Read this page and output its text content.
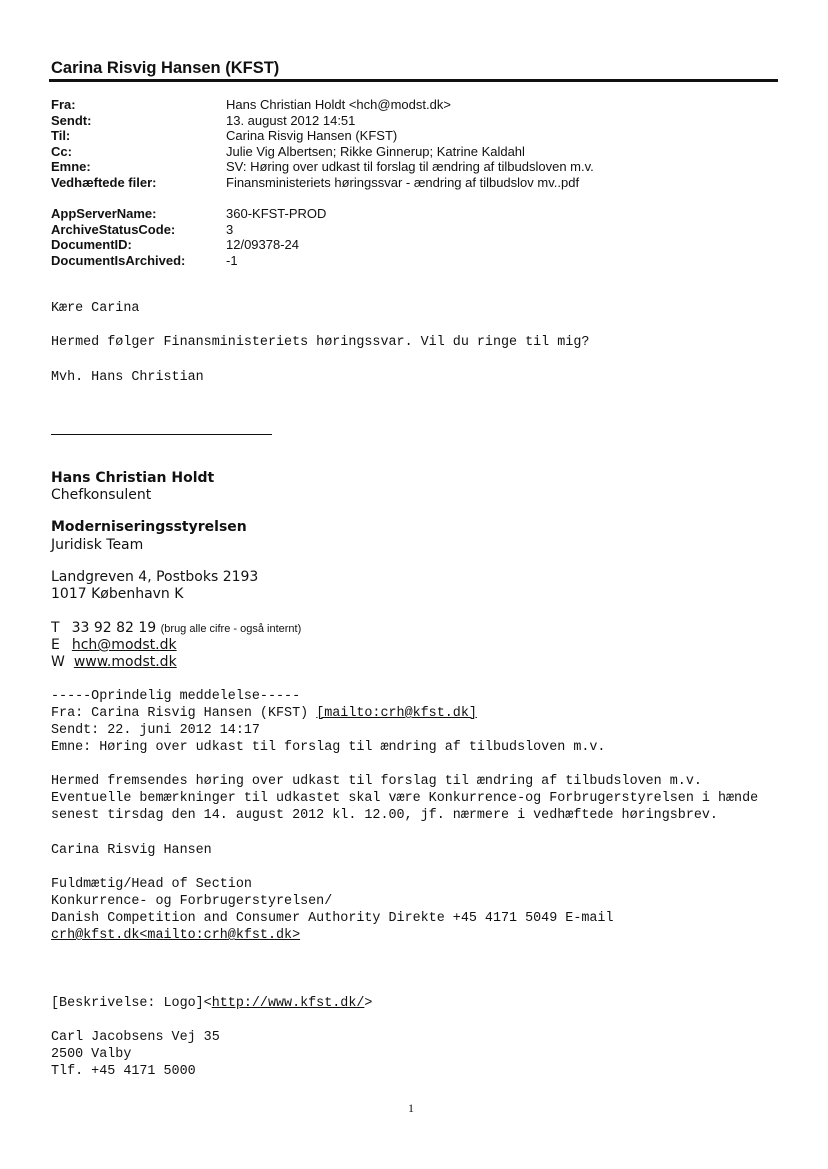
Carina Risvig Hansen (KFST)
Fra:	Hans Christian Holdt <hch@modst.dk>
Sendt:	13. august 2012 14:51
Til:	Carina Risvig Hansen (KFST)
Cc:	Julie Vig Albertsen; Rikke Ginnerup; Katrine Kaldahl
Emne:	SV: Høring over udkast til forslag til ændring af tilbudsloven m.v.
Vedhæftede filer:	Finansministeriets høringssvar - ændring af tilbudslov mv..pdf
AppServerName:	360-KFST-PROD
ArchiveStatusCode:	3
DocumentID:	12/09378-24
DocumentIsArchived:	-1
Kære Carina
Hermed følger Finansministeriets høringssvar. Vil du ringe til mig?
Mvh. Hans Christian
Hans Christian Holdt
Chefkonsulent
Moderniseringsstyrelsen
Juridisk Team
Landgreven 4, Postboks 2193
1017 København K
T 33 92 82 19 (brug alle cifre - også internt)
E hch@modst.dk
W www.modst.dk
-----Oprindelig meddelelse-----
Fra: Carina Risvig Hansen (KFST) [mailto:crh@kfst.dk]
Sendt: 22. juni 2012 14:17
Emne: Høring over udkast til forslag til ændring af tilbudsloven m.v.
Hermed fremsendes høring over udkast til forslag til ændring af tilbudsloven m.v.
Eventuelle bemærkninger til udkastet skal være Konkurrence-og Forbrugerstyrelsen i hænde
senest tirsdag den 14. august 2012 kl. 12.00, jf. nærmere i vedhæftede høringsbrev.
Carina Risvig Hansen
Fuldmætig/Head of Section
Konkurrence- og Forbrugerstyrelsen/
Danish Competition and Consumer Authority Direkte +45 4171 5049 E-mail
crh@kfst.dk<mailto:crh@kfst.dk>
[Beskrivelse: Logo]<http://www.kfst.dk/>
Carl Jacobsens Vej 35
2500 Valby
Tlf. +45 4171 5000
1
